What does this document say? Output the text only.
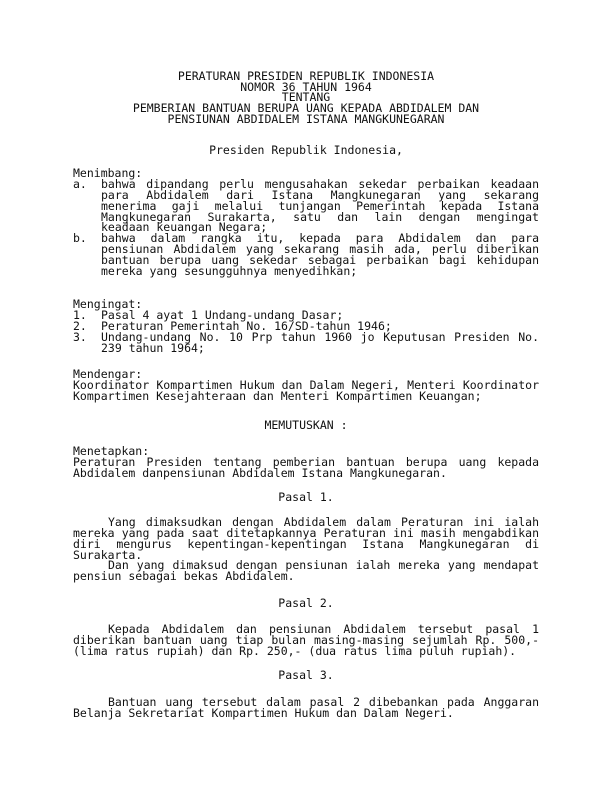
PERATURAN PRESIDEN REPUBLIK INDONESIA
NOMOR 36 TAHUN 1964
TENTANG
PEMBERIAN BANTUAN BERUPA UANG KEPADA ABDIDALEM DAN
PENSIUNAN ABDIDALEM ISTANA MANGKUNEGARAN
Presiden Republik Indonesia,
Menimbang:
a. bahwa dipandang perlu mengusahakan sekedar perbaikan keadaan
para Abdidalem dari Istana Mangkunegaran yang sekarang
menerima gaji melalui tunjangan Pemerintah kepada Istana
Mangkunegaran Surakarta, satu dan lain dengan mengingat
keadaan keuangan Negara;
b. bahwa dalam rangka itu, kepada para Abdidalem dan para
pensiunan Abdidalem yang sekarang masih ada, perlu diberikan
bantuan berupa uang sekedar sebagai perbaikan bagi kehidupan
mereka yang sesungguhnya menyedihkan;
Mengingat:
1. Pasal 4 ayat 1 Undang-undang Dasar;
2. Peraturan Pemerintah No. 16/SD-tahun 1946;
3. Undang-undang No. 10 Prp tahun 1960 jo Keputusan Presiden No.
239 tahun 1964;
Mendengar:
Koordinator Kompartimen Hukum dan Dalam Negeri, Menteri Koordinator
Kompartimen Kesejahteraan dan Menteri Kompartimen Keuangan;
MEMUTUSKAN :
Menetapkan:
Peraturan Presiden tentang pemberian bantuan berupa uang kepada
Abdidalem danpensiunan Abdidalem Istana Mangkunegaran.
Pasal 1.
Yang dimaksudkan dengan Abdidalem dalam Peraturan ini ialah
mereka yang pada saat ditetapkannya Peraturan ini masih mengabdikan
diri mengurus kepentingan-kepentingan Istana Mangkunegaran di
Surakarta.
Dan yang dimaksud dengan pensiunan ialah mereka yang mendapat
pensiun sebagai bekas Abdidalem.
Pasal 2.
Kepada Abdidalem dan pensiunan Abdidalem tersebut pasal 1
diberikan bantuan uang tiap bulan masing-masing sejumlah Rp. 500,-
(lima ratus rupiah) dan Rp. 250,- (dua ratus lima puluh rupiah).
Pasal 3.
Bantuan uang tersebut dalam pasal 2 dibebankan pada Anggaran
Belanja Sekretariat Kompartimen Hukum dan Dalam Negeri.
